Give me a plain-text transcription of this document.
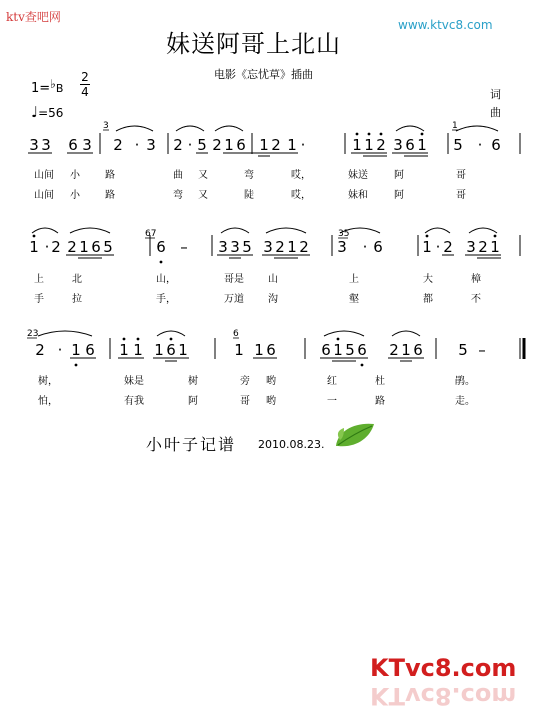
ktv查吧网
www.ktvc8.com
妹送阿哥上北山
电影《忘忧草》插曲
1=♭B
2
4
♩=56
词
曲
3 3 6 3 2 · 3 2 · 5 2 1 6 1 2 1 ·	1 1 2 3 6 1 5 · 6
3	1
1 · 2 2 1 6 5	6 – 3 3 5 3 2 1 2 3 · 6	1 · 2 3 2 1
67	35
2 · 1 6 1 1 1 6 1	1 1 6	6 1 5 6 2 1 6 5 –
23	6
山间 小	路	曲 又	弯	哎，	妹送	阿	哥
山间 小	路	弯 又	陡	哎，	妹和	阿	哥
上	北	山，	哥是 山	上	大	樟
手	拉	手，	万道 沟	壑	都	不
树，	妹是	树	旁 哟	红	杜	鹃。
怕，	有我	阿	哥 哟	一	路	走。
小叶子记谱 2010.08.23.
KTvc8.com
KTvc8.com
